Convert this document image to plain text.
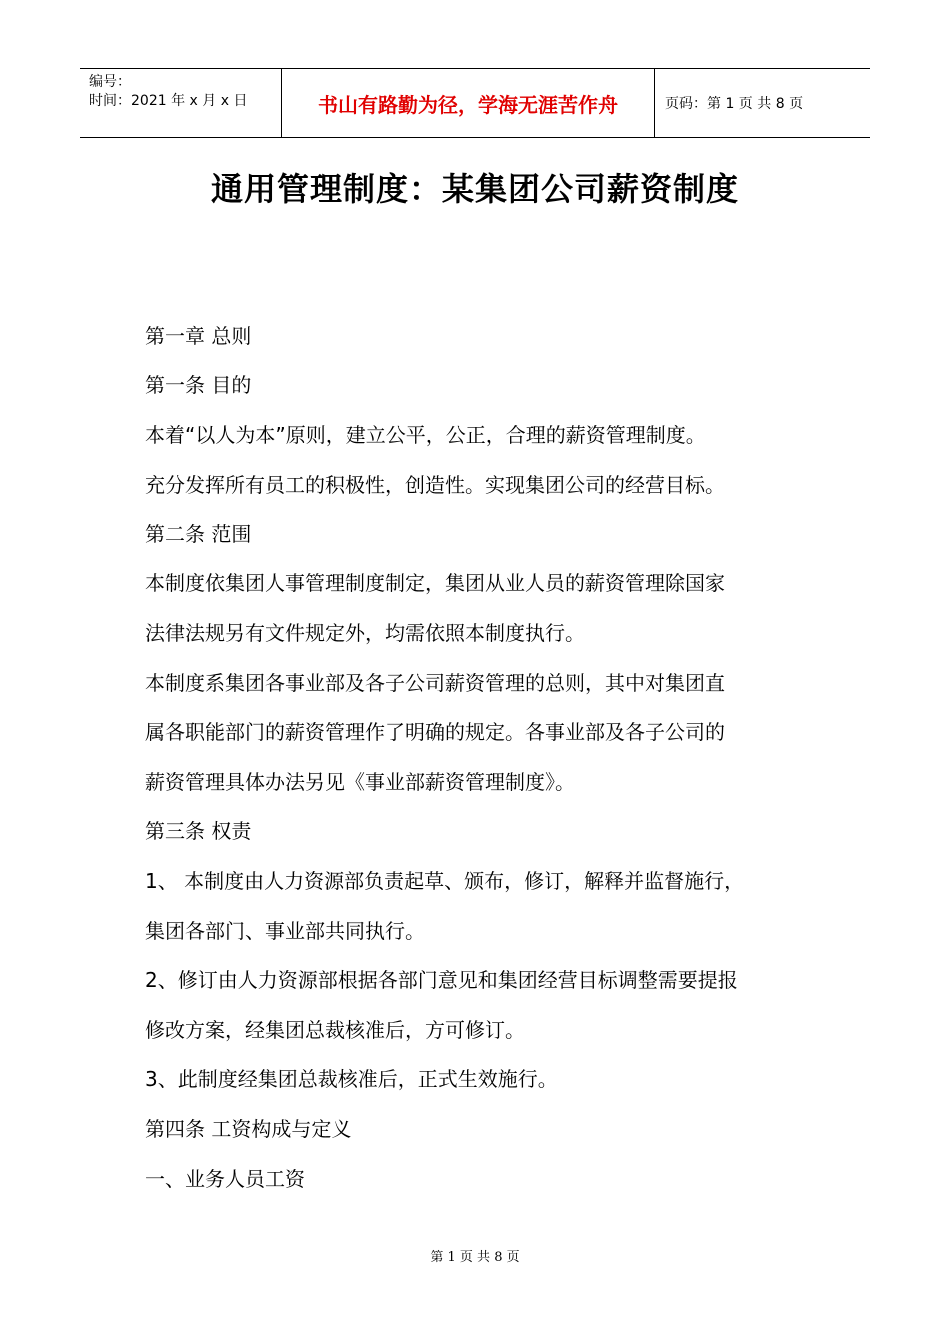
编号：
时间：2021 年 x 月 x 日	书山有路勤为径，学海无涯苦作舟	页码：第 1 页 共 8 页
通用管理制度：某集团公司薪资制度
第一章 总则
第一条 目的
本着“以人为本”原则，建立公平，公正，合理的薪资管理制度。
充分发挥所有员工的积极性，创造性。实现集团公司的经营目标。
第二条 范围
本制度依集团人事管理制度制定，集团从业人员的薪资管理除国家
法律法规另有文件规定外，均需依照本制度执行。
本制度系集团各事业部及各子公司薪资管理的总则，其中对集团直
属各职能部门的薪资管理作了明确的规定。各事业部及各子公司的
薪资管理具体办法另见《事业部薪资管理制度》。
第三条 权责
1、 本制度由人力资源部负责起草、颁布，修订，解释并监督施行，
集团各部门、事业部共同执行。
2、修订由人力资源部根据各部门意见和集团经营目标调整需要提报
修改方案，经集团总裁核准后，方可修订。
3、此制度经集团总裁核准后，正式生效施行。
第四条 工资构成与定义
一、业务人员工资
第 1 页 共 8 页
